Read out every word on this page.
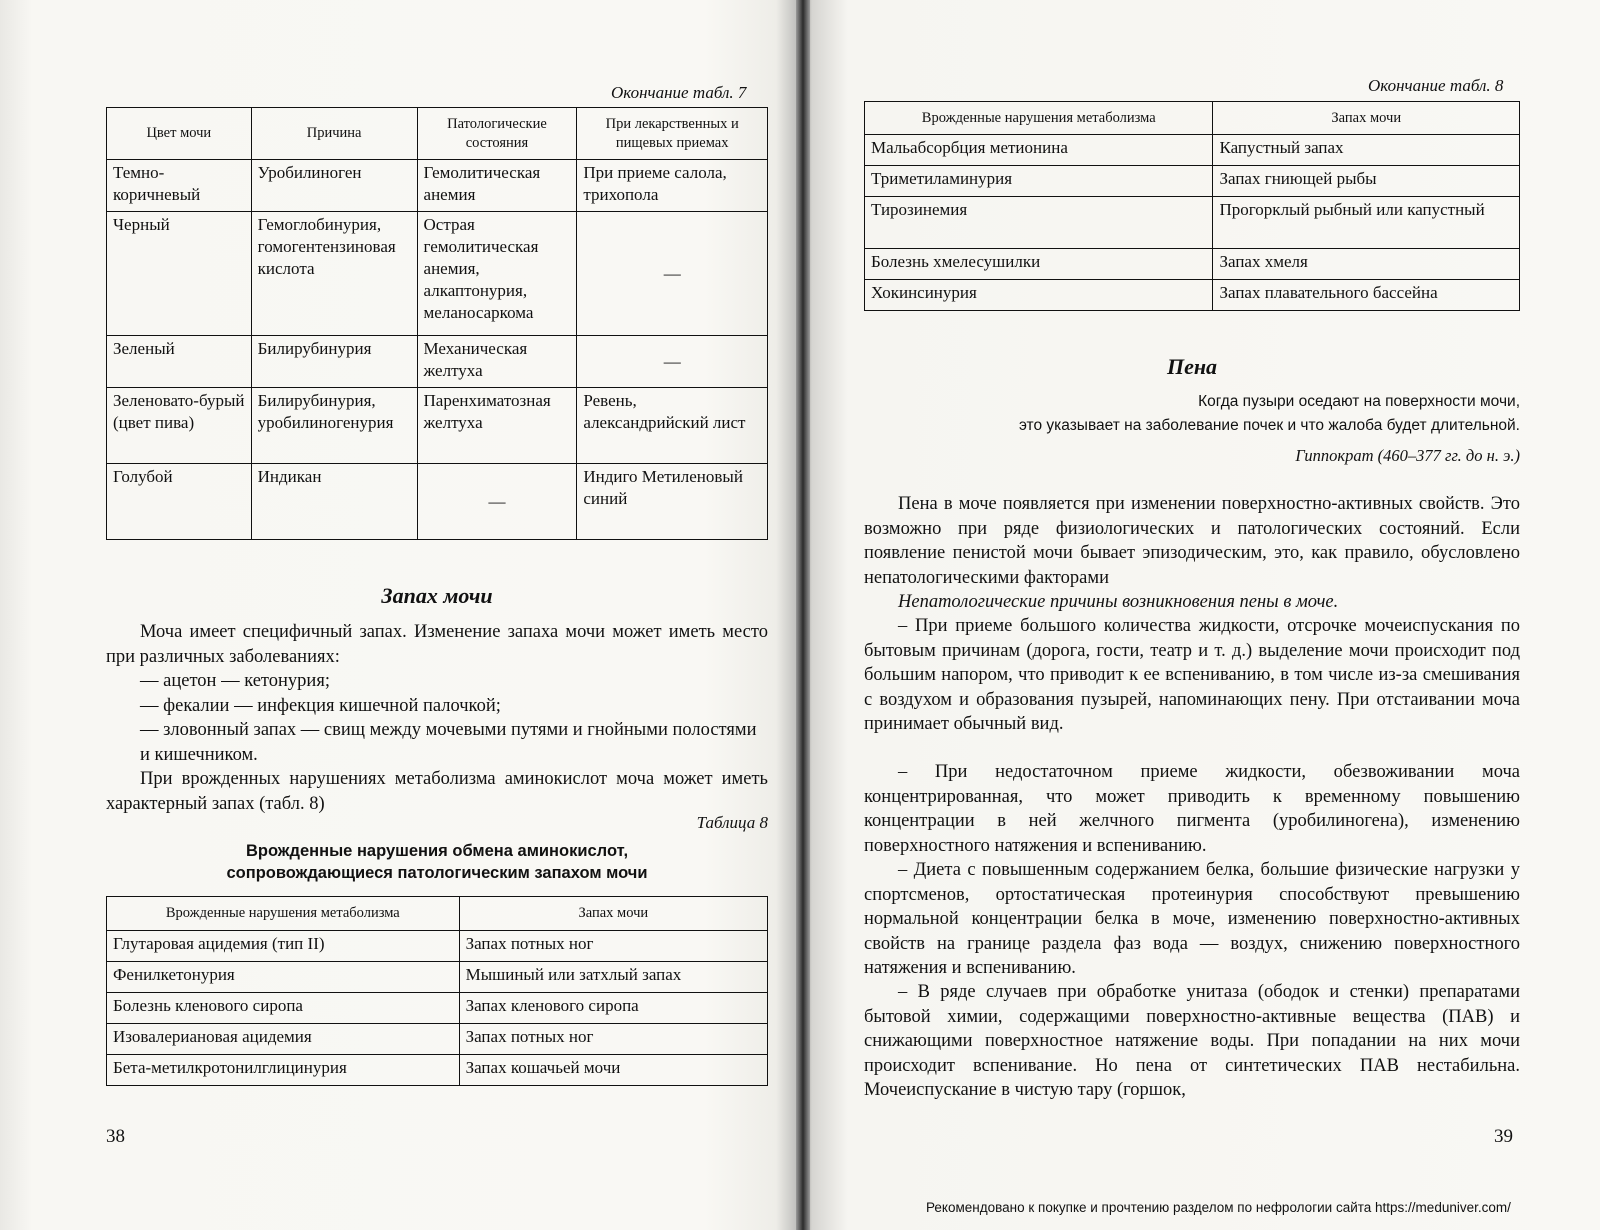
Окончание табл. 7
Цвет мочи	Причина	Патологические состояния	При лекарственных и пищевых приемах
Темно-коричневый	Уробилиноген	Гемолитическая анемия	При приеме салола, трихопола
Черный	Гемоглобинурия, гомогентензиновая кислота	Острая гемолитическая анемия, алкаптонурия, меланосаркома	—
Зеленый	Билирубинурия	Механическая желтуха	—
Зеленовато-бурый (цвет пива)	Билирубинурия, уробилиногенурия	Паренхиматозная желтуха	Ревень, александрийский лист
Голубой	Индикан	—	Индиго Метиленовый синий
Запах мочи

Моча имеет специфичный запах. Изменение запаха мочи может иметь место при различных заболеваниях:

— ацетон — кетонурия;

— фекалии — инфекция кишечной палочкой;

— зловонный запах — свищ между мочевыми путями и гнойными полостями и кишечником.

При врожденных нарушениях метаболизма аминокислот моча может иметь характерный запах (табл. 8)

Таблица 8
Врожденные нарушения обмена аминокислот,
сопровождающиеся патологическим запахом мочи
Врожденные нарушения метаболизма	Запах мочи
Глутаровая ацидемия (тип II)	Запах потных ног
Фенилкетонурия	Мышиный или затхлый запах
Болезнь кленового сиропа	Запах кленового сиропа
Изовалериановая ацидемия	Запах потных ног
Бета-метилкротонилглицинурия	Запах кошачьей мочи
38
Окончание табл. 8
Врожденные нарушения метаболизма	Запах мочи
Мальабсорбция метионина	Капустный запах
Триметиламинурия	Запах гниющей рыбы
Тирозинемия	Прогорклый рыбный или капустный
Болезнь хмелесушилки	Запах хмеля
Хокинсинурия	Запах плавательного бассейна
Пена
Когда пузыри оседают на поверхности мочи,
это указывает на заболевание почек и что жалоба будет длительной.
Гиппократ (460–377 гг. до н. э.)

Пена в моче появляется при изменении поверхностно-активных свойств. Это возможно при ряде физиологических и патологических состояний. Если появление пенистой мочи бывает эпизодическим, это, как правило, обусловлено непатологическими факторами

Непатологические причины возникновения пены в моче.

– При приеме большого количества жидкости, отсрочке мочеиспускания по бытовым причинам (дорога, гости, театр и т. д.) выделение мочи происходит под большим напором, что приводит к ее вспениванию, в том числе из-за смешивания с воздухом и образования пузырей, напоминающих пену. При отстаивании моча принимает обычный вид.

– При недостаточном приеме жидкости, обезвоживании моча концентрированная, что может приводить к временному повышению концентрации в ней желчного пигмента (уробилиногена), изменению поверхностного натяжения и вспениванию.

– Диета с повышенным содержанием белка, большие физические нагрузки у спортсменов, ортостатическая протеинурия способствуют превышению нормальной концентрации белка в моче, изменению поверхностно-активных свойств на границе раздела фаз вода — воздух, снижению поверхностного натяжения и вспениванию.

– В ряде случаев при обработке унитаза (ободок и стенки) препаратами бытовой химии, содержащими поверхностно-активные вещества (ПАВ) и снижающими поверхностное натяжение воды. При попадании на них мочи происходит вспенивание. Но пена от синтетических ПАВ нестабильна. Мочеиспускание в чистую тару (горшок,

39
Рекомендовано к покупке и прочтению разделом по нефрологии сайта https://meduniver.com/
